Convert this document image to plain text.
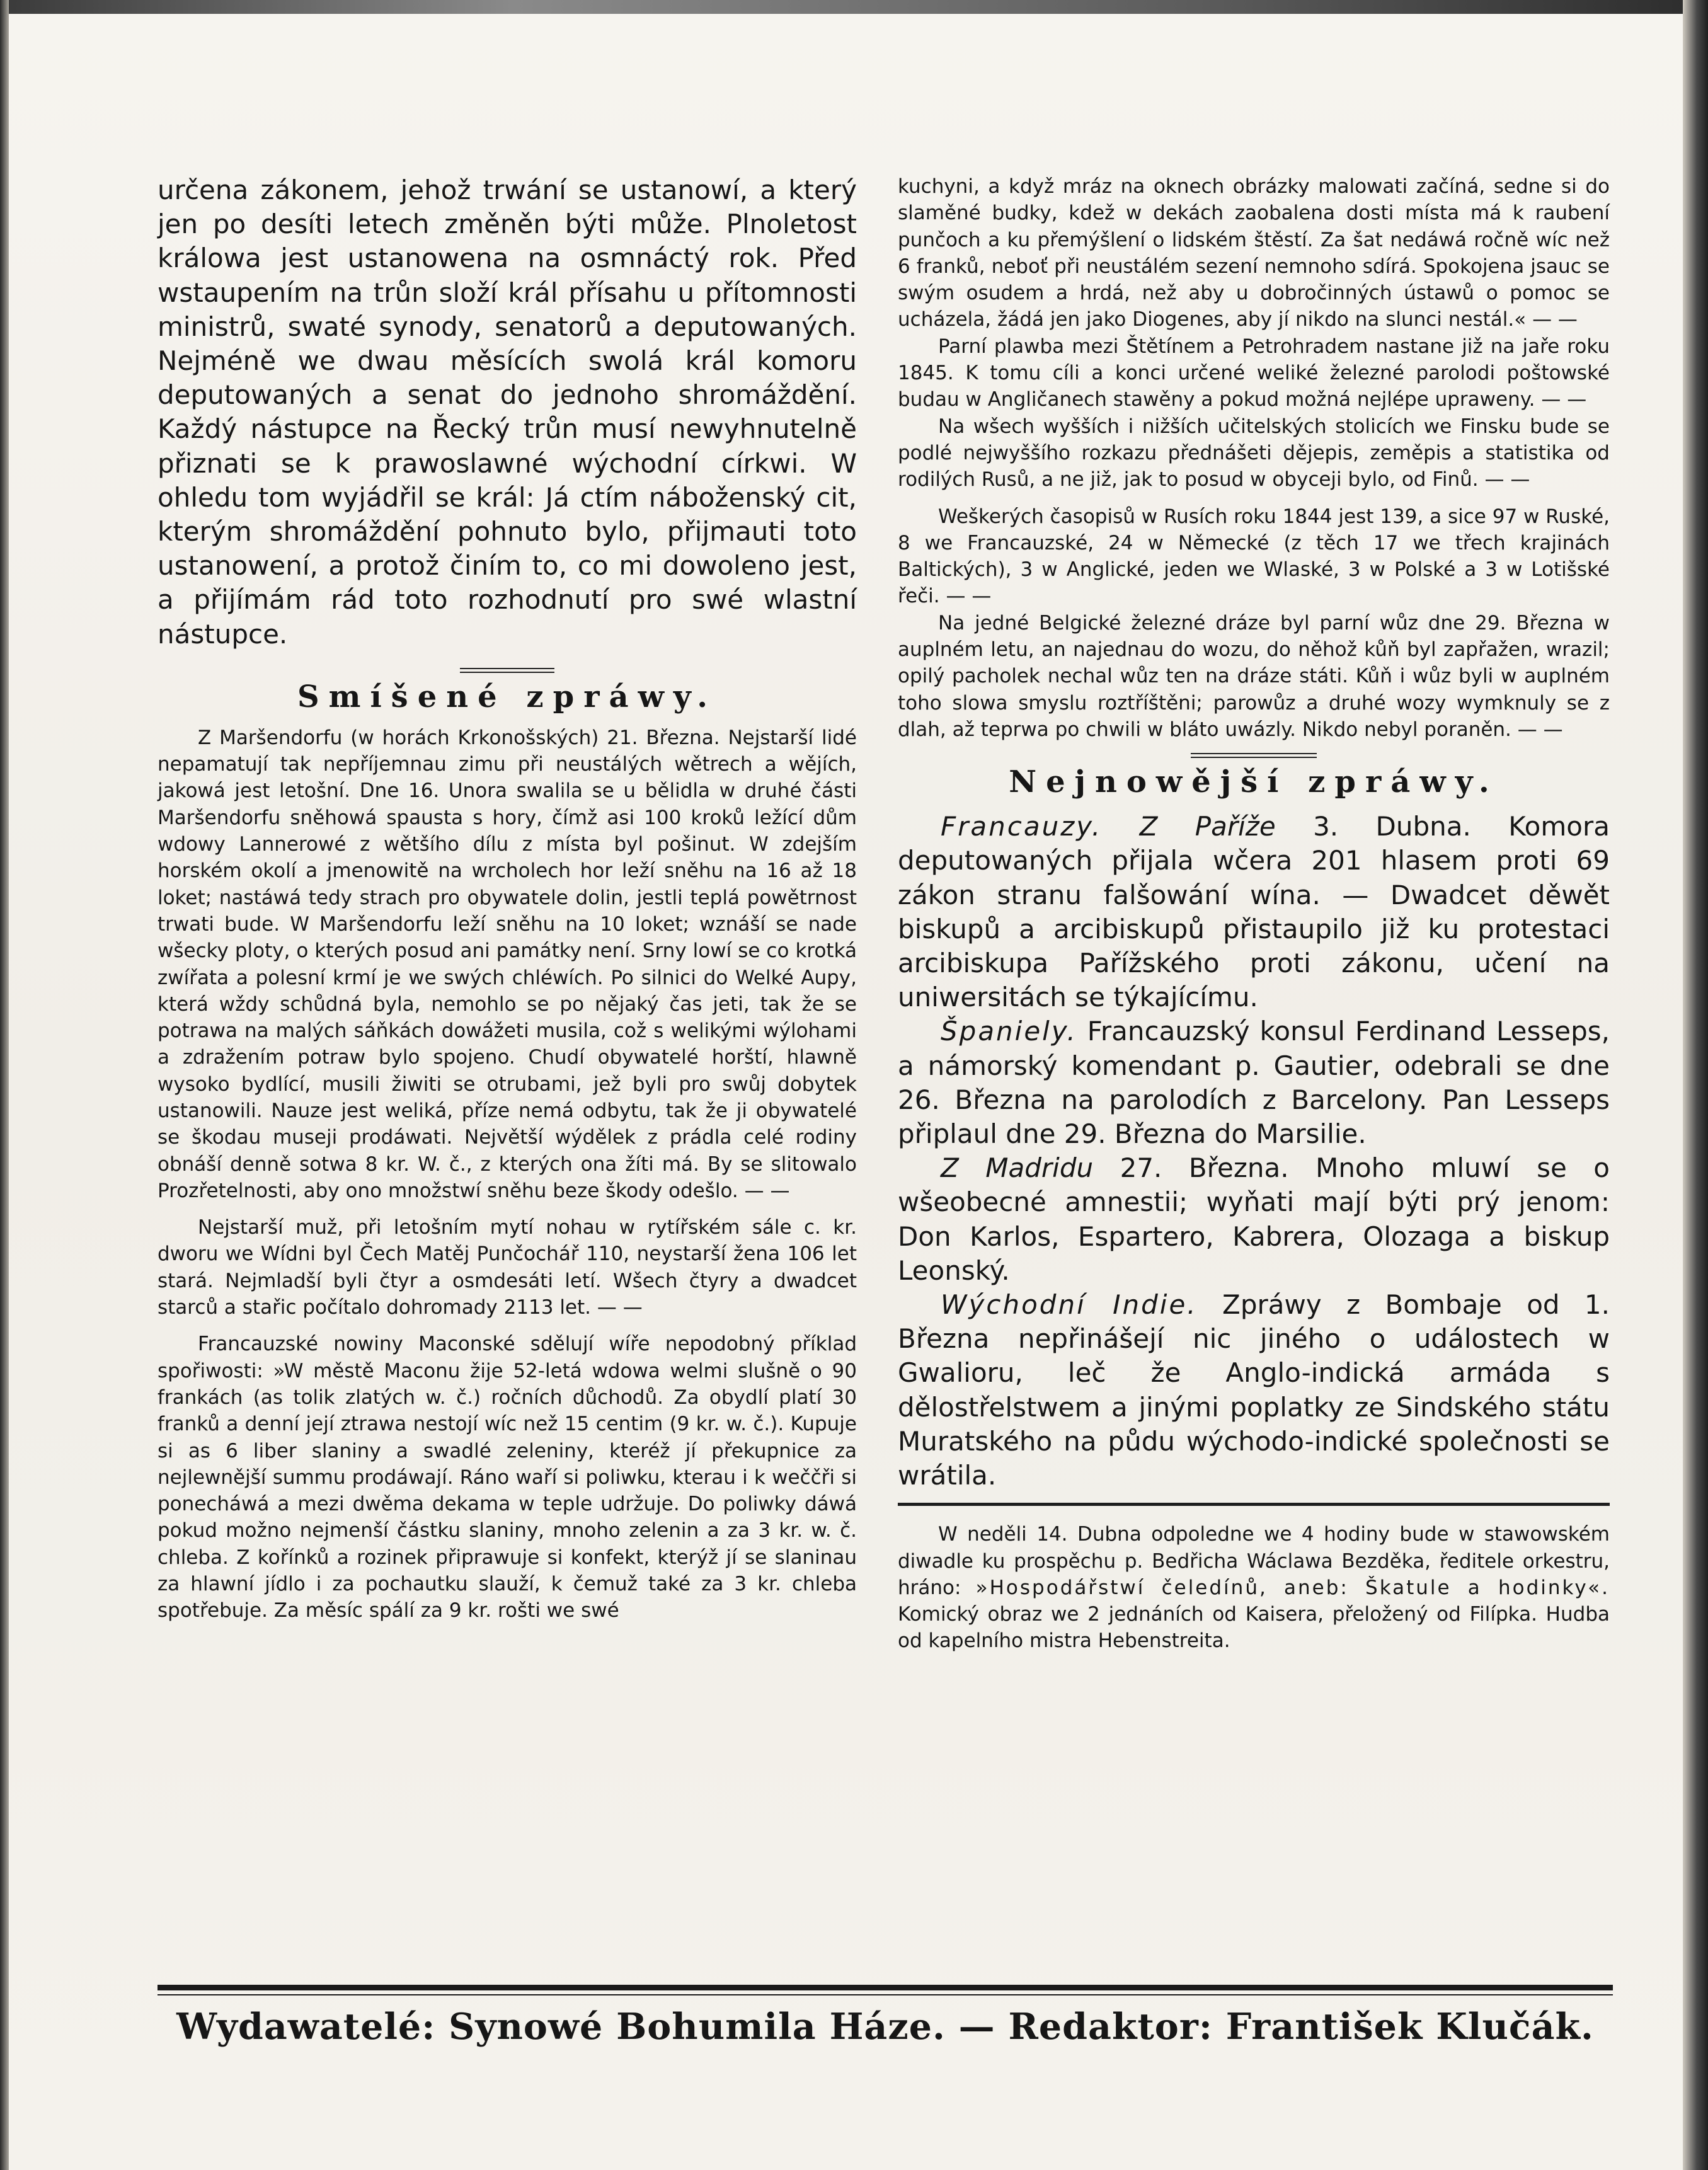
určena zákonem, jehož trwání se ustanowí, a který jen po desíti letech změněn býti může. Plnoletost králowa jest ustanowena na osmnáctý rok. Před wstaupením na trůn složí král přísahu u přítomnosti ministrů, swaté synody, senatorů a deputowaných. Nejméně we dwau měsících swolá král komoru deputowaných a senat do jednoho shromáždění. Každý nástupce na Řecký trůn musí newyhnutelně přiznati se k prawoslawné wýchodní církwi. W ohledu tom wyjádřil se král: Já ctím náboženský cit, kterým shromáždění pohnuto bylo, přijmauti toto ustanowení, a protož činím to, co mi dowoleno jest, a přijímám rád toto rozhodnutí pro swé wlastní nástupce.

Smíšené zpráwy.

Z Maršendorfu (w horách Krkonošských) 21. Března. Nejstarší lidé nepamatují tak nepříjemnau zimu při neustálých wětrech a wějích, jakowá jest letošní. Dne 16. Unora swalila se u bělidla w druhé části Maršendorfu sněhowá spausta s hory, čímž asi 100 kroků ležící dům wdowy Lannerowé z wětšího dílu z místa byl pošinut. W zdejším horském okolí a jmenowitě na wrcholech hor leží sněhu na 16 až 18 loket; nastáwá tedy strach pro obywatele dolin, jestli teplá powětrnost trwati bude. W Maršendorfu leží sněhu na 10 loket; wznáší se nade wšecky ploty, o kterých posud ani památky není. Srny lowí se co krotká zwířata a polesní krmí je we swých chléwích. Po silnici do Welké Aupy, která wždy schůdná byla, nemohlo se po nějaký čas jeti, tak že se potrawa na malých sáňkách dowážeti musila, což s welikými wýlohami a zdražením potraw bylo spojeno. Chudí obywatelé horští, hlawně wysoko bydlící, musili žiwiti se otrubami, jež byli pro swůj dobytek ustanowili. Nauze jest weliká, příze nemá odbytu, tak že ji obywatelé se škodau museji prodáwati. Největší wýdělek z prádla celé rodiny obnáší denně sotwa 8 kr. W. č., z kterých ona žíti má. By se slitowalo Prozřetelnosti, aby ono množstwí sněhu beze škody odešlo. — —

Nejstarší muž, při letošním mytí nohau w rytířském sále c. kr. dworu we Wídni byl Čech Matěj Punčochář 110, neystarší žena 106 let stará. Nejmladší byli čtyr a osmdesáti letí. Wšech čtyry a dwadcet starců a stařic počítalo dohromady 2113 let. — —

Francauzské nowiny Maconské sdělují wíře nepodobný příklad spořiwosti: »W městě Maconu žije 52-letá wdowa welmi slušně o 90 frankách (as tolik zlatých w. č.) ročních důchodů. Za obydlí platí 30 franků a denní její ztrawa nestojí wíc než 15 centim (9 kr. w. č.). Kupuje si as 6 liber slaniny a swadlé zeleniny, kteréž jí překupnice za nejlewnější summu prodáwají. Ráno waří si poliwku, kterau i k weččři si ponecháwá a mezi dwěma dekama w teple udržuje. Do poliwky dáwá pokud možno nejmenší částku slaniny, mnoho zelenin a za 3 kr. w. č. chleba. Z kořínků a rozinek připrawuje si konfekt, kterýž jí se slaninau za hlawní jídlo i za pochautku slauží, k čemuž také za 3 kr. chleba spotřebuje. Za měsíc spálí za 9 kr. rošti we swé

kuchyni, a když mráz na oknech obrázky malowati začíná, sedne si do slaměné budky, kdež w dekách zaobalena dosti místa má k raubení punčoch a ku přemýšlení o lidském štěstí. Za šat nedáwá ročně wíc než 6 franků, neboť při neustálém sezení nemnoho sdírá. Spokojena jsauc se swým osudem a hrdá, než aby u dobročinných ústawů o pomoc se ucházela, žádá jen jako Diogenes, aby jí nikdo na slunci nestál.« — —

Parní plawba mezi Štětínem a Petrohradem nastane již na jaře roku 1845. K tomu cíli a konci určené weliké železné parolodi poštowské budau w Angličanech stawěny a pokud možná nejlépe upraweny. — —

Na wšech wyšších i nižších učitelských stolicích we Finsku bude se podlé nejwyššího rozkazu přednášeti dějepis, zeměpis a statistika od rodilých Rusů, a ne již, jak to posud w obyceji bylo, od Finů. — —

Weškerých časopisů w Rusích roku 1844 jest 139, a sice 97 w Ruské, 8 we Francauzské, 24 w Německé (z těch 17 we třech krajinách Baltických), 3 w Anglické, jeden we Wlaské, 3 w Polské a 3 w Lotišské řeči. — —

Na jedné Belgické železné dráze byl parní wůz dne 29. Března w auplném letu, an najednau do wozu, do něhož kůň byl zapřažen, wrazil; opilý pacholek nechal wůz ten na dráze státi. Kůň i wůz byli w auplném toho slowa smyslu roztříštěni; parowůz a druhé wozy wymknuly se z dlah, až teprwa po chwili w bláto uwázly. Nikdo nebyl poraněn. — —

Nejnowější zpráwy.

Francauzy. Z Paříže 3. Dubna. Komora deputowaných přijala wčera 201 hlasem proti 69 zákon stranu falšowání wína. — Dwadcet děwět biskupů a arcibiskupů přistaupilo již ku protestaci arcibiskupa Pařížského proti zákonu, učení na uniwersitách se týkajícímu.

Španiely. Francauzský konsul Ferdinand Lesseps, a námorský komendant p. Gautier, odebrali se dne 26. Března na parolodích z Barcelony. Pan Lesseps připlaul dne 29. Března do Marsilie.

Z Madridu 27. Března. Mnoho mluwí se o wšeobecné amnestii; wyňati mají býti prý jenom: Don Karlos, Espartero, Kabrera, Olozaga a biskup Leonský.

Wýchodní Indie. Zpráwy z Bombaje od 1. Března nepřinášejí nic jiného o událostech w Gwalioru, leč že Anglo-indická armáda s dělostřelstwem a jinými poplatky ze Sindského státu Muratského na půdu wýchodo-indické společnosti se wrátila.

W neděli 14. Dubna odpoledne we 4 hodiny bude w stawowském diwadle ku prospěchu p. Bedřicha Wáclawa Bezděka, ředitele orkestru, hráno: »Hospodářstwí čeledínů, aneb: Škatule a hodinky«. Komický obraz we 2 jednáních od Kaisera, přeložený od Filípka. Hudba od kapelního mistra Hebenstreita.

Wydawatelé: Synowé Bohumila Háze. — Redaktor: František Klučák.
